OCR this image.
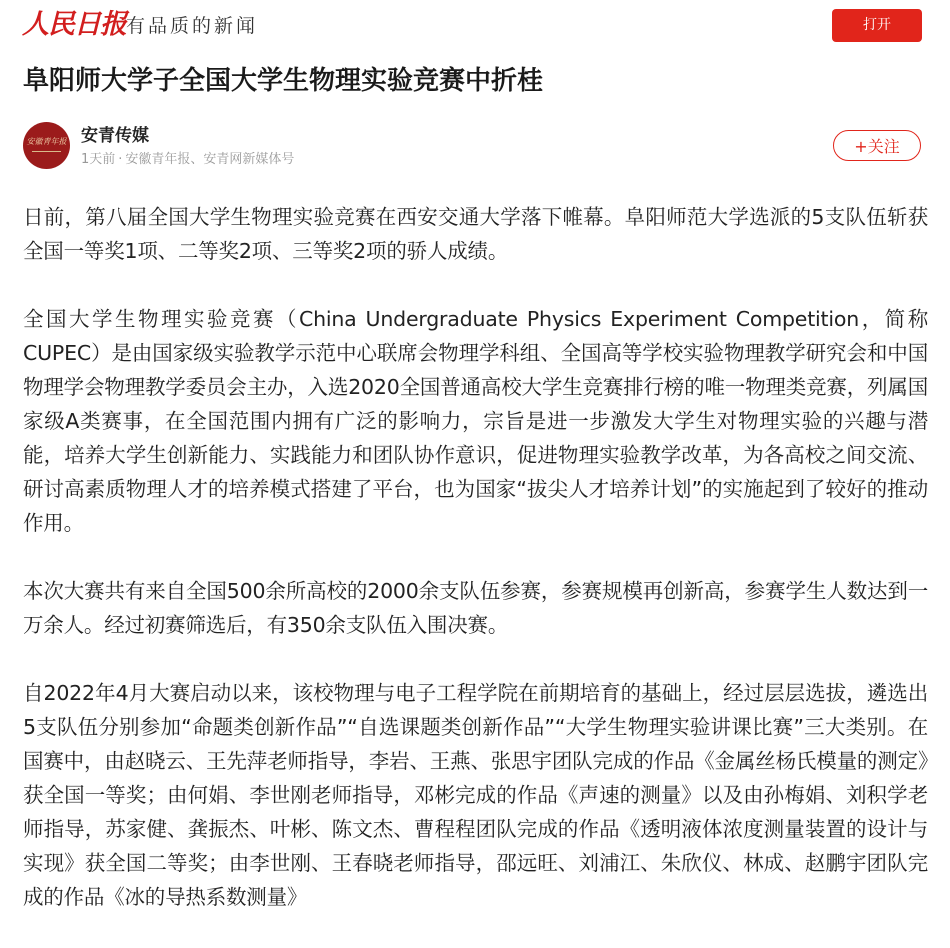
人民日报 有品质的新闻	打开
阜阳师大学子全国大学生物理实验竞赛中折桂
安徽青年报 安青传媒
1天前 · 安徽青年报、安青网新媒体号
+关注

日前，第八届全国大学生物理实验竞赛在西安交通大学落下帷幕。阜阳师范大学选派的5支队伍斩获全国一等奖1项、二等奖2项、三等奖2项的骄人成绩。

全国大学生物理实验竞赛（China Undergraduate Physics Experiment Competition，简称CUPEC）是由国家级实验教学示范中心联席会物理学科组、全国高等学校实验物理教学研究会和中国物理学会物理教学委员会主办，入选2020全国普通高校大学生竞赛排行榜的唯一物理类竞赛，列属国家级A类赛事，在全国范围内拥有广泛的影响力，宗旨是进一步激发大学生对物理实验的兴趣与潜能，培养大学生创新能力、实践能力和团队协作意识，促进物理实验教学改革，为各高校之间交流、研讨高素质物理人才的培养模式搭建了平台，也为国家“拔尖人才培养计划”的实施起到了较好的推动作用。

本次大赛共有来自全国500余所高校的2000余支队伍参赛，参赛规模再创新高，参赛学生人数达到一万余人。经过初赛筛选后，有350余支队伍入围决赛。

自2022年4月大赛启动以来，该校物理与电子工程学院在前期培育的基础上，经过层层选拔，遴选出5支队伍分别参加“命题类创新作品”“自选课题类创新作品”“大学生物理实验讲课比赛”三大类别。在国赛中，由赵晓云、王先萍老师指导，李岩、王燕、张思宇团队完成的作品《金属丝杨氏模量的测定》获全国一等奖；由何娟、李世刚老师指导，邓彬完成的作品《声速的测量》以及由孙梅娟、刘积学老师指导，苏家健、龚振杰、叶彬、陈文杰、曹程程团队完成的作品《透明液体浓度测量装置的设计与实现》获全国二等奖；由李世刚、王春晓老师指导，邵远旺、刘浦江、朱欣仪、林成、赵鹏宇团队完成的作品《冰的导热系数测量》
